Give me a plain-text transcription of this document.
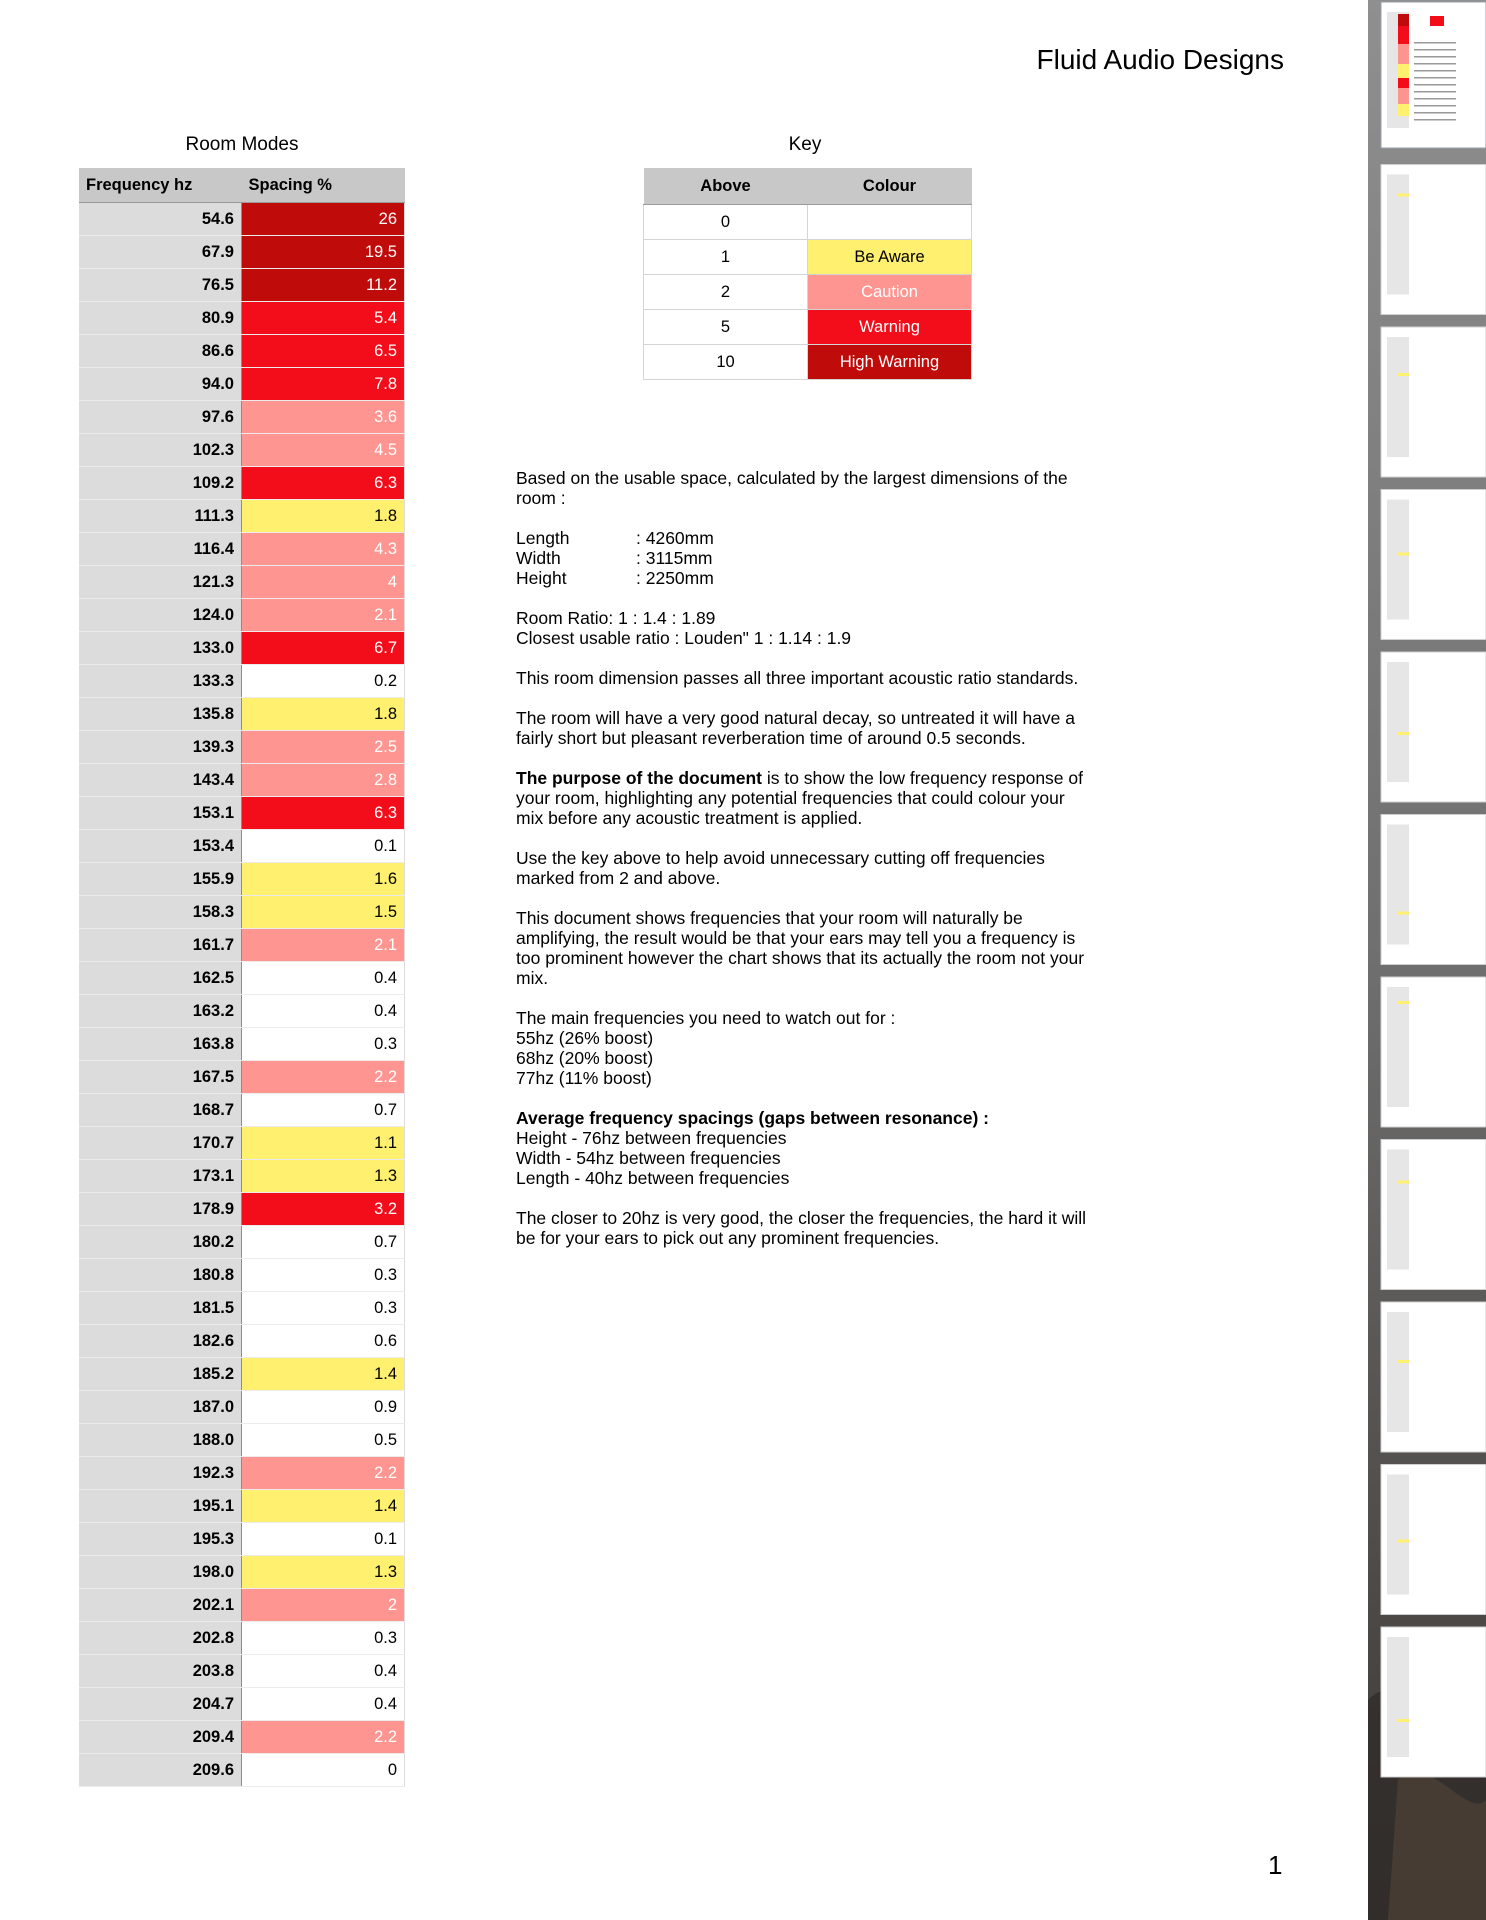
Fluid Audio Designs
Room Modes
Frequency hz	Spacing %
54.6	26
67.9	19.5
76.5	11.2
80.9	5.4
86.6	6.5
94.0	7.8
97.6	3.6
102.3	4.5
109.2	6.3
111.3	1.8
116.4	4.3
121.3	4
124.0	2.1
133.0	6.7
133.3	0.2
135.8	1.8
139.3	2.5
143.4	2.8
153.1	6.3
153.4	0.1
155.9	1.6
158.3	1.5
161.7	2.1
162.5	0.4
163.2	0.4
163.8	0.3
167.5	2.2
168.7	0.7
170.7	1.1
173.1	1.3
178.9	3.2
180.2	0.7
180.8	0.3
181.5	0.3
182.6	0.6
185.2	1.4
187.0	0.9
188.0	0.5
192.3	2.2
195.1	1.4
195.3	0.1
198.0	1.3
202.1	2
202.8	0.3
203.8	0.4
204.7	0.4
209.4	2.2
209.6	0
Key
Above	Colour
0	
1	Be Aware
2	Caution
5	Warning
10	High Warning

Based on the usable space, calculated by the largest dimensions of the room :

Length	: 4260mm
Width	: 3115mm
Height	: 2250mm

Room Ratio: 1 : 1.4 : 1.89
Closest usable ratio : Louden" 1 : 1.14 : 1.9

This room dimension passes all three important acoustic ratio standards.

The room will have a very good natural decay, so untreated it will have a fairly short but pleasant reverberation time of around 0.5 seconds.

The purpose of the document is to show the low frequency response of your room, highlighting any potential frequencies that could colour your mix before any acoustic treatment is applied.

Use the key above to help avoid unnecessary cutting off frequencies marked from 2 and above.

This document shows frequencies that your room will naturally be amplifying, the result would be that your ears may tell you a frequency is too prominent however the chart shows that its actually the room not your mix.

The main frequencies you need to watch out for :
55hz (26% boost)
68hz (20% boost)
77hz (11% boost)

Average frequency spacings (gaps between resonance) :
Height - 76hz between frequencies
Width - 54hz between frequencies
Length - 40hz between frequencies

The closer to 20hz is very good, the closer the frequencies, the hard it will be for your ears to pick out any prominent frequencies.

1
